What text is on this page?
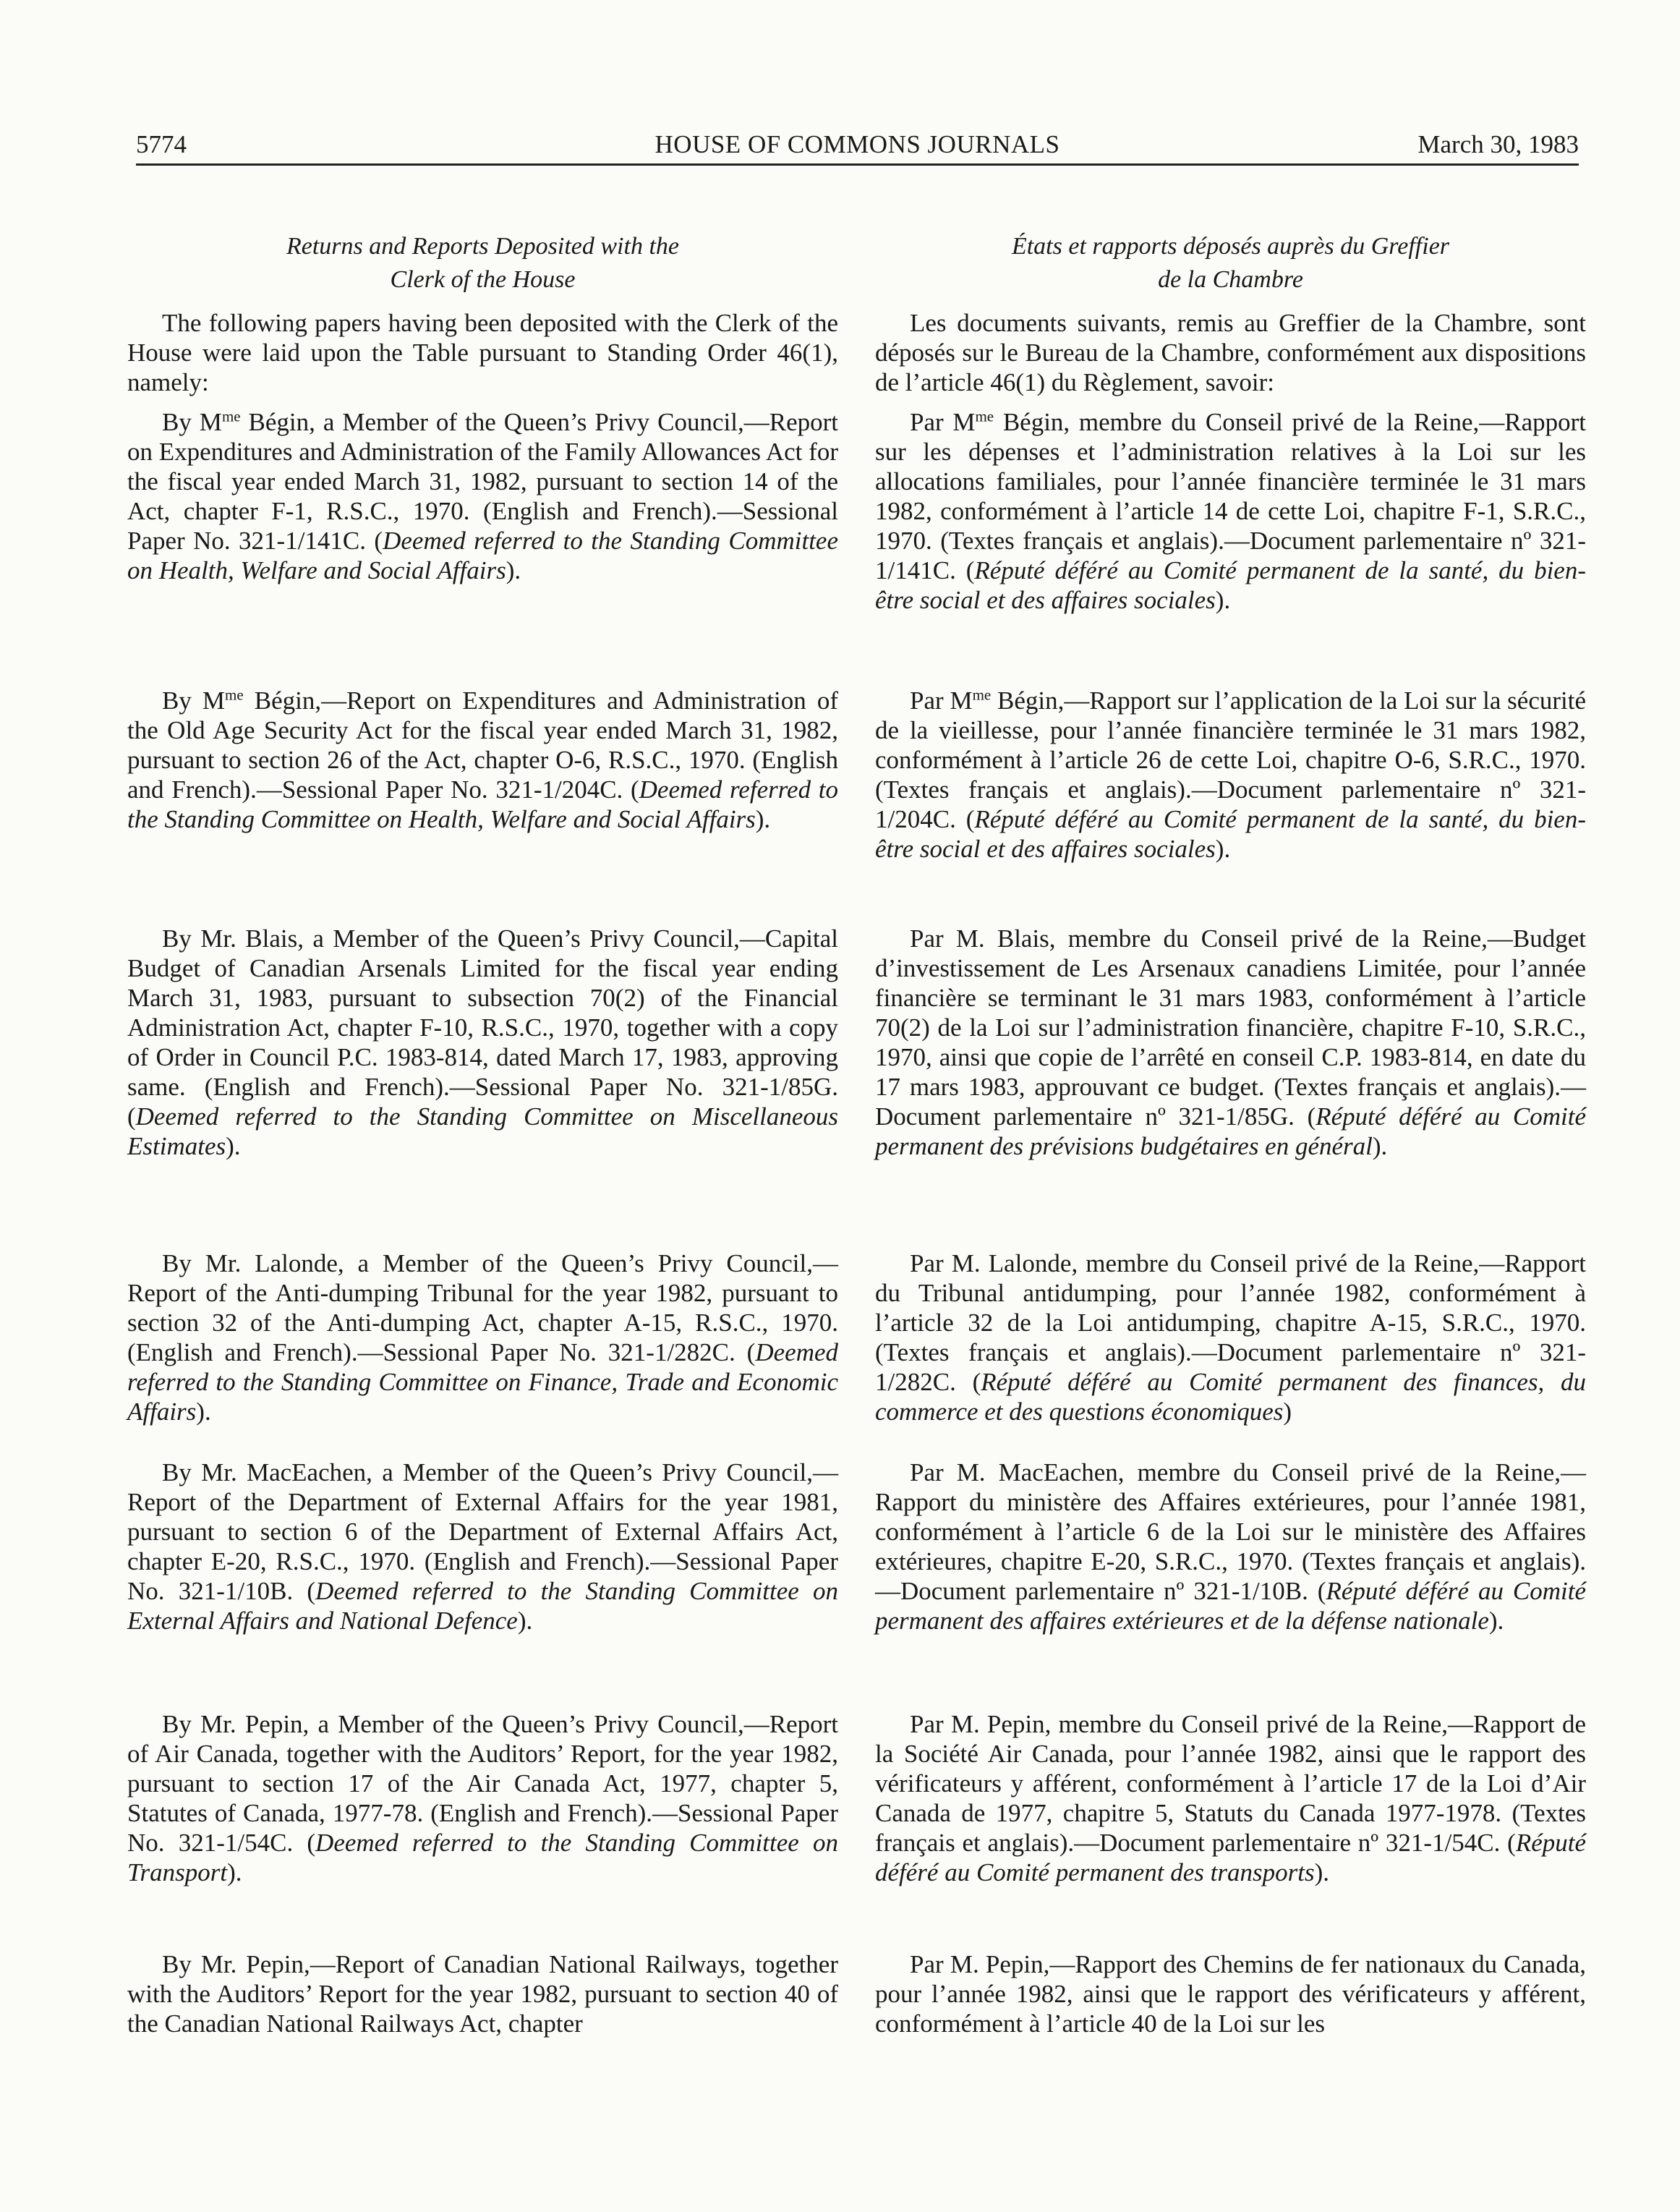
5774	HOUSE OF COMMONS JOURNALS	March 30, 1983
Returns and Reports Deposited with the
Clerk of the House

The following papers having been deposited with the Clerk of the House were laid upon the Table pursuant to Standing Order 46(1), namely:

By $M^{me}$ Bégin, a Member of the Queen’s Privy Council,—Report on Expenditures and Administration of the Family Allowances Act for the fiscal year ended March 31, 1982, pursuant to section 14 of the Act, chapter F-1, R.S.C., 1970. (English and French).—Sessional Paper No. 321-1/141C. (Deemed referred to the Standing Committee on Health, Welfare and Social Affairs).

By $M^{me}$ Bégin,—Report on Expenditures and Administration of the Old Age Security Act for the fiscal year ended March 31, 1982, pursuant to section 26 of the Act, chapter O-6, R.S.C., 1970. (English and French).—Sessional Paper No. 321-1/204C. (Deemed referred to the Standing Committee on Health, Welfare and Social Affairs).

By Mr. Blais, a Member of the Queen’s Privy Council,—Capital Budget of Canadian Arsenals Limited for the fiscal year ending March 31, 1983, pursuant to subsection 70(2) of the Financial Administration Act, chapter F-10, R.S.C., 1970, together with a copy of Order in Council P.C. 1983-814, dated March 17, 1983, approving same. (English and French).—Sessional Paper No. 321-1/85G. (Deemed referred to the Standing Committee on Miscellaneous Estimates).

By Mr. Lalonde, a Member of the Queen’s Privy Council,—Report of the Anti-dumping Tribunal for the year 1982, pursuant to section 32 of the Anti-dumping Act, chapter A-15, R.S.C., 1970. (English and French).—Sessional Paper No. 321-1/282C. (Deemed referred to the Standing Committee on Finance, Trade and Economic Affairs).

By Mr. MacEachen, a Member of the Queen’s Privy Council,—Report of the Department of External Affairs for the year 1981, pursuant to section 6 of the Department of External Affairs Act, chapter E-20, R.S.C., 1970. (English and French).—Sessional Paper No. 321-1/10B. (Deemed referred to the Standing Committee on External Affairs and National Defence).

By Mr. Pepin, a Member of the Queen’s Privy Council,—Report of Air Canada, together with the Auditors’ Report, for the year 1982, pursuant to section 17 of the Air Canada Act, 1977, chapter 5, Statutes of Canada, 1977-78. (English and French).—Sessional Paper No. 321-1/54C. (Deemed referred to the Standing Committee on Transport).

By Mr. Pepin,—Report of Canadian National Railways, together with the Auditors’ Report for the year 1982, pursuant to section 40 of the Canadian National Railways Act, chapter

États et rapports déposés auprès du Greffier
de la Chambre

Les documents suivants, remis au Greffier de la Chambre, sont déposés sur le Bureau de la Chambre, conformément aux dispositions de l’article 46(1) du Règlement, savoir:

Par $M^{me}$ Bégin, membre du Conseil privé de la Reine,—Rapport sur les dépenses et l’administration relatives à la Loi sur les allocations familiales, pour l’année financière terminée le 31 mars 1982, conformément à l’article 14 de cette Loi, chapitre F-1, S.R.C., 1970. (Textes français et anglais).—Document parlementaire nº 321-1/141C. (Réputé déféré au Comité permanent de la santé, du bien-être social et des affaires sociales).

Par $M^{me}$ Bégin,—Rapport sur l’application de la Loi sur la sécurité de la vieillesse, pour l’année financière terminée le 31 mars 1982, conformément à l’article 26 de cette Loi, chapitre O-6, S.R.C., 1970. (Textes français et anglais).—Document parlementaire nº 321-1/204C. (Réputé déféré au Comité permanent de la santé, du bien-être social et des affaires sociales).

Par M. Blais, membre du Conseil privé de la Reine,—Budget d’investissement de Les Arsenaux canadiens Limitée, pour l’année financière se terminant le 31 mars 1983, conformément à l’article 70(2) de la Loi sur l’administration financière, chapitre F-10, S.R.C., 1970, ainsi que copie de l’arrêté en conseil C.P. 1983-814, en date du 17 mars 1983, approuvant ce budget. (Textes français et anglais).—Document parlementaire nº 321-1/85G. (Réputé déféré au Comité permanent des prévisions budgétaires en général).

Par M. Lalonde, membre du Conseil privé de la Reine,—Rapport du Tribunal antidumping, pour l’année 1982, conformément à l’article 32 de la Loi antidumping, chapitre A-15, S.R.C., 1970. (Textes français et anglais).—Document parlementaire nº 321-1/282C. (Réputé déféré au Comité permanent des finances, du commerce et des questions économiques)

Par M. MacEachen, membre du Conseil privé de la Reine,—Rapport du ministère des Affaires extérieures, pour l’année 1981, conformément à l’article 6 de la Loi sur le ministère des Affaires extérieures, chapitre E-20, S.R.C., 1970. (Textes français et anglais).—Document parlementaire nº 321-1/10B. (Réputé déféré au Comité permanent des affaires extérieures et de la défense nationale).

Par M. Pepin, membre du Conseil privé de la Reine,—Rapport de la Société Air Canada, pour l’année 1982, ainsi que le rapport des vérificateurs y afférent, conformément à l’article 17 de la Loi d’Air Canada de 1977, chapitre 5, Statuts du Canada 1977-1978. (Textes français et anglais).—Document parlementaire nº 321-1/54C. (Réputé déféré au Comité permanent des transports).

Par M. Pepin,—Rapport des Chemins de fer nationaux du Canada, pour l’année 1982, ainsi que le rapport des vérificateurs y afférent, conformément à l’article 40 de la Loi sur les
